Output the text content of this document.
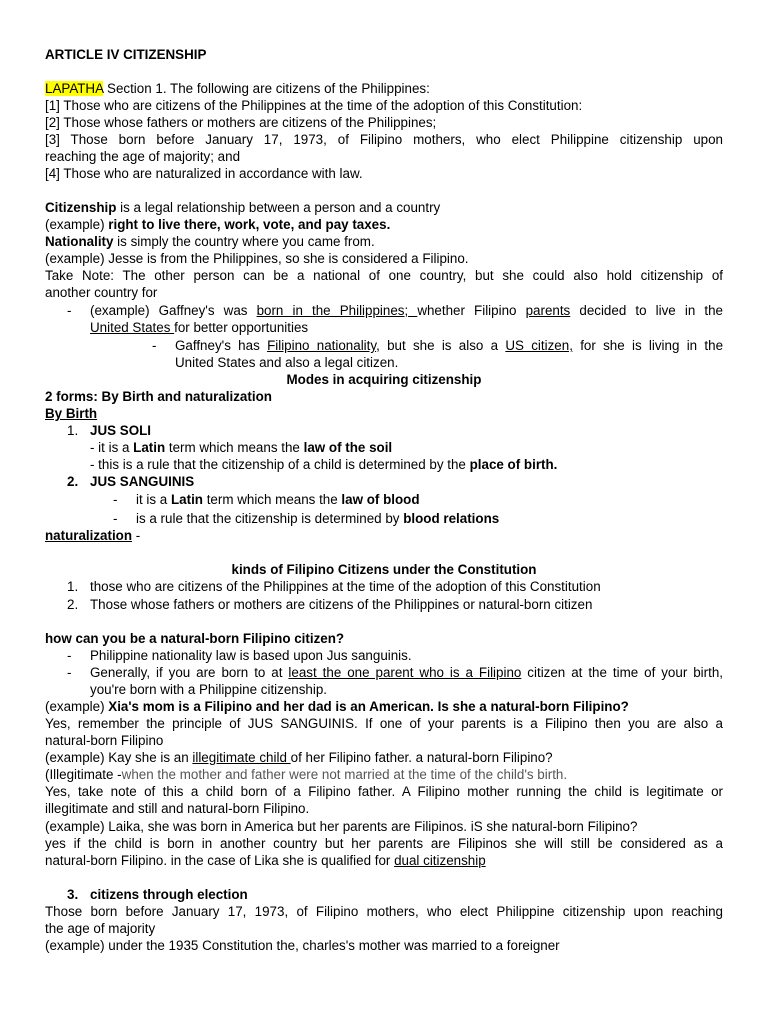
ARTICLE IV CITIZENSHIP
LAPATHA Section 1. The following are citizens of the Philippines:
[1] Those who are citizens of the Philippines at the time of the adoption of this Constitution:
[2] Those whose fathers or mothers are citizens of the Philippines;
[3] Those born before January 17, 1973, of Filipino mothers, who elect Philippine citizenship upon
reaching the age of majority; and
[4] Those who are naturalized in accordance with law.
Citizenship is a legal relationship between a person and a country
(example) right to live there, work, vote, and pay taxes.
Nationality is simply the country where you came from.
(example) Jesse is from the Philippines, so she is considered a Filipino.
Take Note: The other person can be a national of one country, but she could also hold citizenship of
another country for
-	(example) Gaffney's was born in the Philippines; whether Filipino parents decided to live in the
United States for better opportunities
-	Gaffney's has Filipino nationality, but she is also a US citizen, for she is living in the
United States and also a legal citizen.
Modes in acquiring citizenship
2 forms: By Birth and naturalization
By Birth
1. JUS SOLI
- it is a Latin term which means the law of the soil
- this is a rule that the citizenship of a child is determined by the place of birth.
2. JUS SANGUINIS
-	it is a Latin term which means the law of blood
-	is a rule that the citizenship is determined by blood relations
naturalization -
kinds of Filipino Citizens under the Constitution
1. those who are citizens of the Philippines at the time of the adoption of this Constitution
2. Those whose fathers or mothers are citizens of the Philippines or natural-born citizen
how can you be a natural-born Filipino citizen?
-	Philippine nationality law is based upon Jus sanguinis.
-	Generally, if you are born to at least the one parent who is a Filipino citizen at the time of your birth,
you're born with a Philippine citizenship.
(example) Xia's mom is a Filipino and her dad is an American. Is she a natural-born Filipino?
Yes, remember the principle of JUS SANGUINIS. If one of your parents is a Filipino then you are also a
natural-born Filipino
(example) Kay she is an illegitimate child of her Filipino father. a natural-born Filipino?
(Illegitimate -when the mother and father were not married at the time of the child's birth.
Yes, take note of this a child born of a Filipino father. A Filipino mother running the child is legitimate or
illegitimate and still and natural-born Filipino.
(example) Laika, she was born in America but her parents are Filipinos. iS she natural-born Filipino?
yes if the child is born in another country but her parents are Filipinos she will still be considered as a
natural-born Filipino. in the case of Lika she is qualified for dual citizenship
3. citizens through election
Those born before January 17, 1973, of Filipino mothers, who elect Philippine citizenship upon reaching
the age of majority
(example) under the 1935 Constitution the, charles's mother was married to a foreigner
